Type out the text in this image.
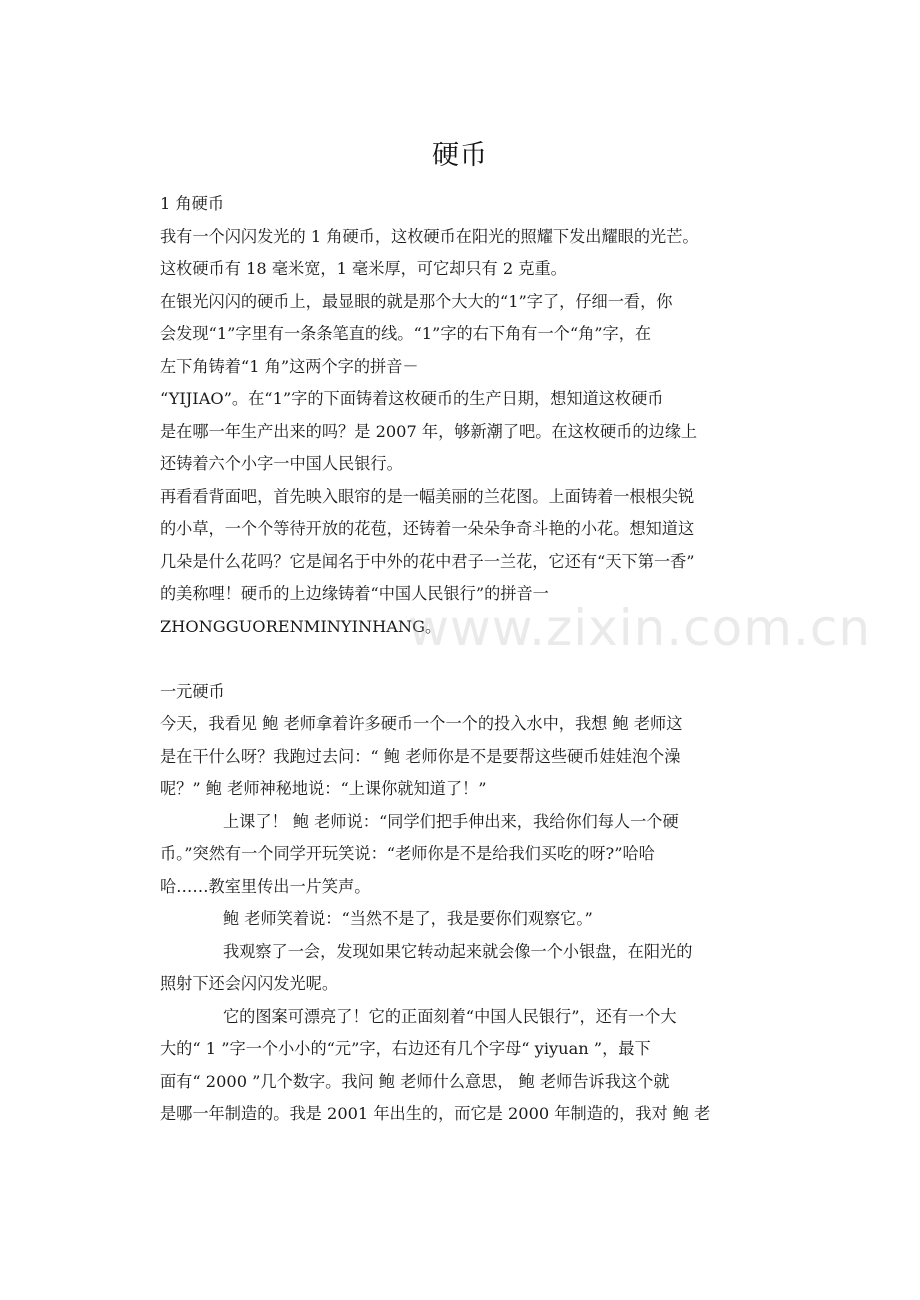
硬币
1 角硬币
我有一个闪闪发光的 1 角硬币，这枚硬币在阳光的照耀下发出耀眼的光芒。
这枚硬币有 18 毫米宽，1 毫米厚，可它却只有 2 克重。
在银光闪闪的硬币上，最显眼的就是那个大大的“1”字了，仔细一看，你
会发现“1”字里有一条条笔直的线。“1”字的右下角有一个“角”字，在
左下角铸着“1 角”这两个字的拼音－
“YIJIAO”。在“1”字的下面铸着这枚硬币的生产日期，想知道这枚硬币
是在哪一年生产出来的吗？是 2007 年，够新潮了吧。在这枚硬币的边缘上
还铸着六个小字一中国人民银行。
再看看背面吧，首先映入眼帘的是一幅美丽的兰花图。上面铸着一根根尖锐
的小草，一个个等待开放的花苞，还铸着一朵朵争奇斗艳的小花。想知道这
几朵是什么花吗？它是闻名于中外的花中君子一兰花，它还有“天下第一香”
的美称哩！硬币的上边缘铸着“中国人民银行”的拼音一
ZHONGGUORENMINYINHANG。
一元硬币
今天，我看见 鲍 老师拿着许多硬币一个一个的投入水中，我想 鲍 老师这
是在干什么呀？我跑过去问：“ 鲍 老师你是不是要帮这些硬币娃娃泡个澡
呢？” 鲍 老师神秘地说：“上课你就知道了！”
上课了！ 鲍 老师说：“同学们把手伸出来，我给你们每人一个硬
币。”突然有一个同学开玩笑说：“老师你是不是给我们买吃的呀?”哈哈
哈……教室里传出一片笑声。
鲍 老师笑着说：“当然不是了，我是要你们观察它。”
我观察了一会，发现如果它转动起来就会像一个小银盘，在阳光的
照射下还会闪闪发光呢。
它的图案可漂亮了！它的正面刻着“中国人民银行”，还有一个大
大的“ 1 ”字一个小小的“元”字，右边还有几个字母“ yiyuan ”，最下
面有“ 2000 ”几个数字。我问 鲍 老师什么意思， 鲍 老师告诉我这个就
是哪一年制造的。我是 2001 年出生的，而它是 2000 年制造的，我对 鲍 老
www.zixin.com.cn
